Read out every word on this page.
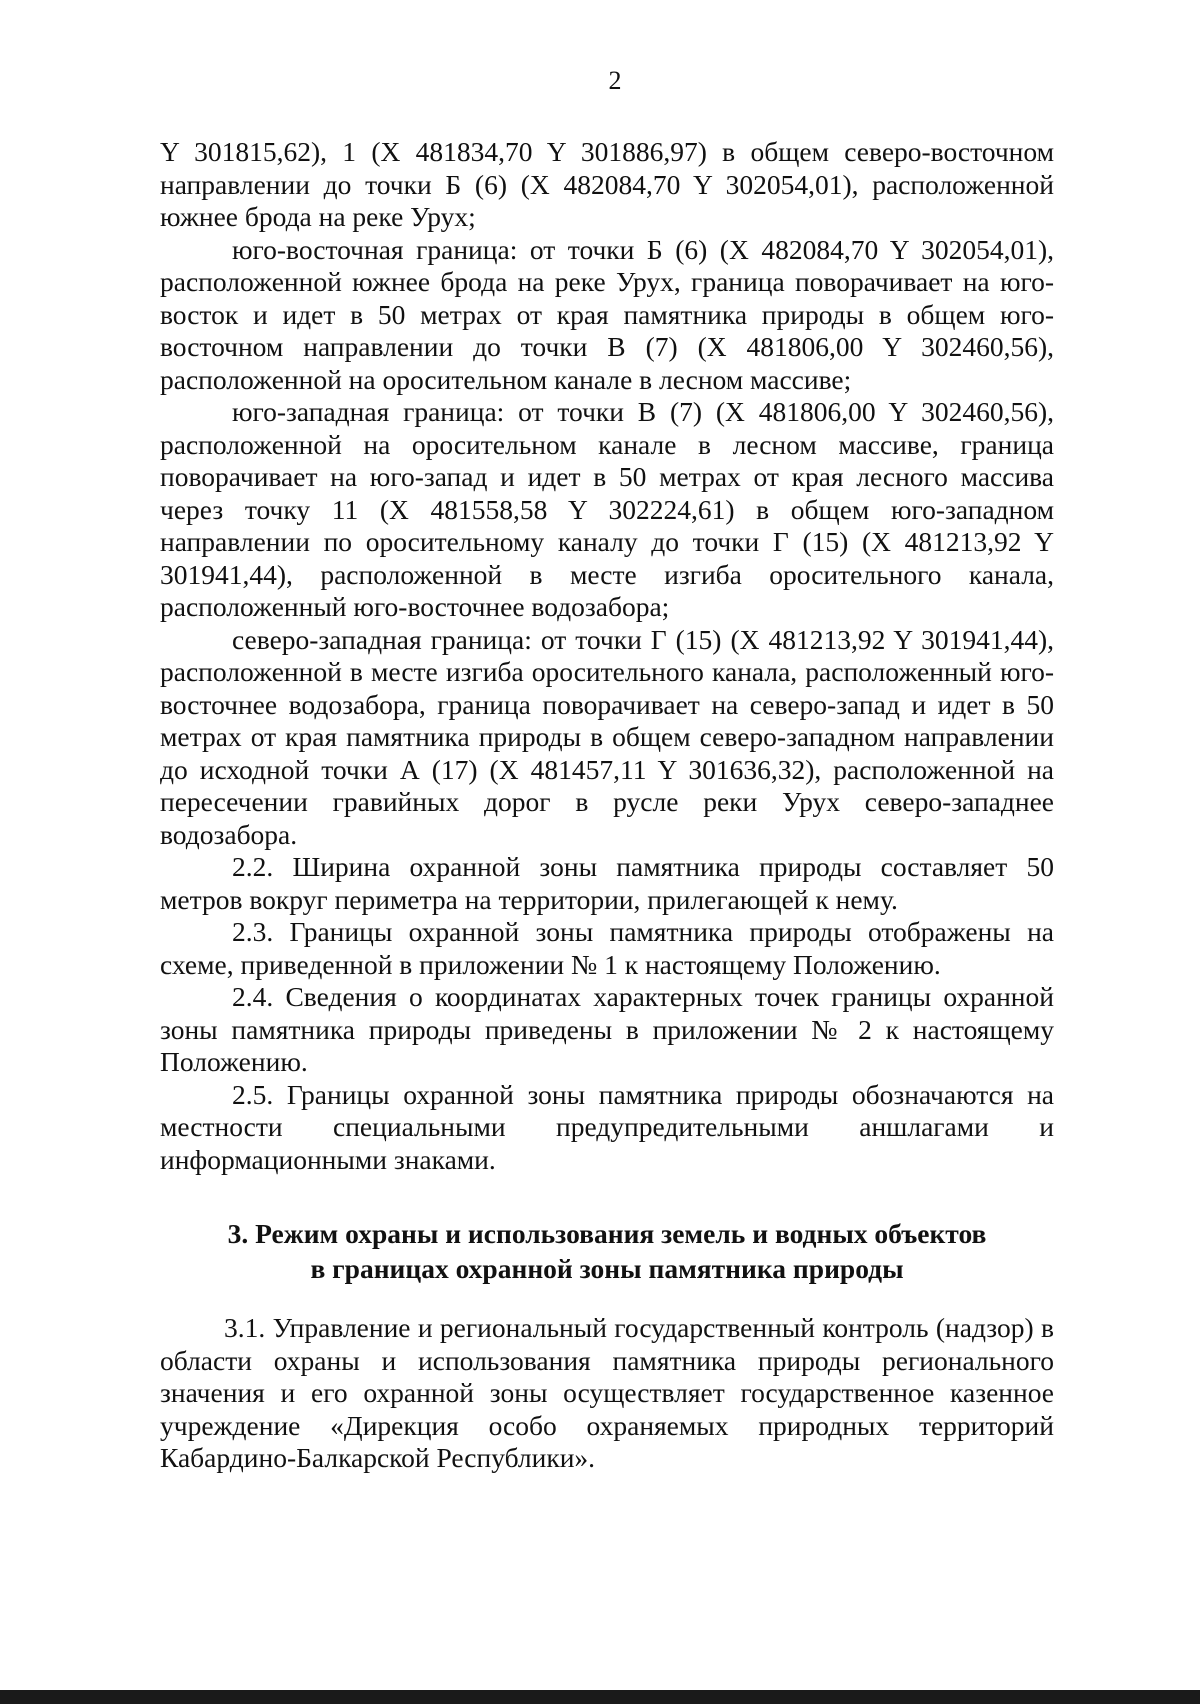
2

Y 301815,62), 1 (X 481834,70 Y 301886,97) в общем северо-восточном направлении до точки Б (6) (X 482084,70 Y 302054,01), расположенной южнее брода на реке Урух;

юго-восточная граница: от точки Б (6) (X 482084,70 Y 302054,01), расположенной южнее брода на реке Урух, граница поворачивает на юго-восток и идет в 50 метрах от края памятника природы в общем юго-восточном направлении до точки В (7) (X 481806,00 Y 302460,56), расположенной на оросительном канале в лесном массиве;

юго-западная граница: от точки В (7) (X 481806,00 Y 302460,56), расположенной на оросительном канале в лесном массиве, граница поворачивает на юго-запад и идет в 50 метрах от края лесного массива через точку 11 (X 481558,58 Y 302224,61) в общем юго-западном направлении по оросительному каналу до точки Г (15) (X 481213,92 Y 301941,44), расположенной в месте изгиба оросительного канала, расположенный юго-восточнее водозабора;

северо-западная граница: от точки Г (15) (X 481213,92 Y 301941,44), расположенной в месте изгиба оросительного канала, расположенный юго-восточнее водозабора, граница поворачивает на северо-запад и идет в 50 метрах от края памятника природы в общем северо-западном направлении до исходной точки А (17) (X 481457,11 Y 301636,32), расположенной на пересечении гравийных дорог в русле реки Урух северо-западнее водозабора.

2.2. Ширина охранной зоны памятника природы составляет 50 метров вокруг периметра на территории, прилегающей к нему.

2.3. Границы охранной зоны памятника природы отображены на схеме, приведенной в приложении № 1 к настоящему Положению.

2.4. Сведения о координатах характерных точек границы охранной зоны памятника природы приведены в приложении № 2 к настоящему Положению.

2.5. Границы охранной зоны памятника природы обозначаются на местности специальными предупредительными аншлагами и информационными знаками.

3. Режим охраны и использования земель и водных объектов
в границах охранной зоны памятника природы

3.1. Управление и региональный государственный контроль (надзор) в области охраны и использования памятника природы регионального значения и его охранной зоны осуществляет государственное казенное учреждение «Дирекция особо охраняемых природных территорий Кабардино-Балкарской Республики».
